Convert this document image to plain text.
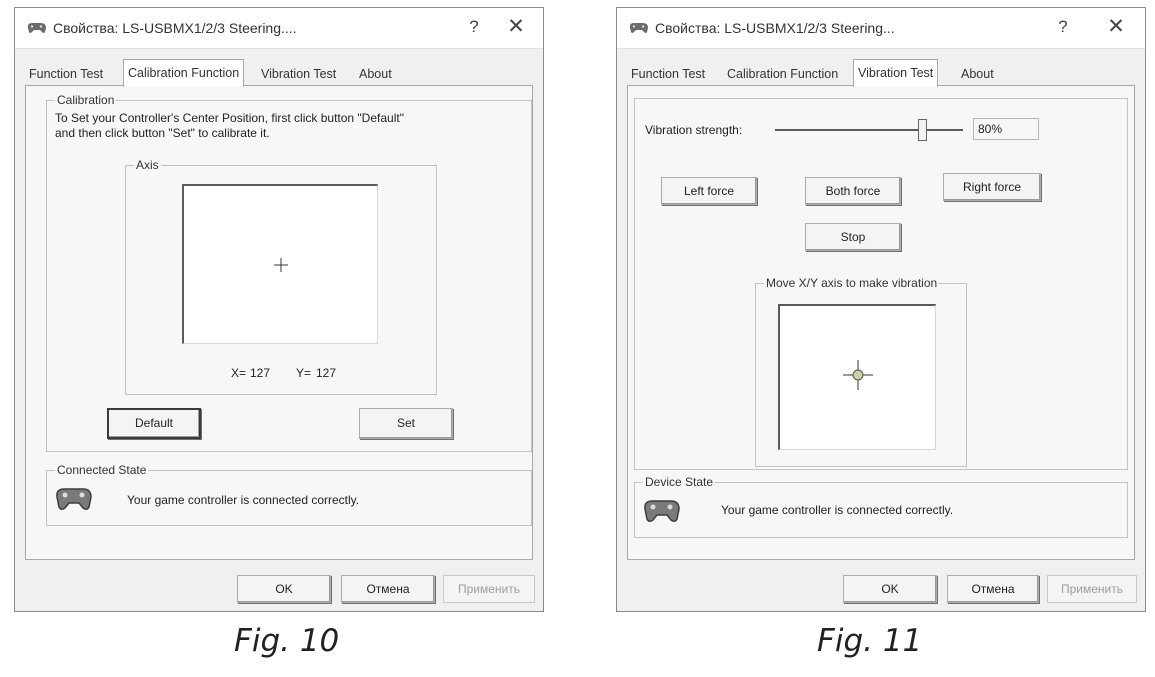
Свойства: LS-USBMX1/2/3 Steering....	?	✕
Function Test	Calibration Function	Vibration Test	About
Calibration
To Set your Controller's Center Position, first click button "Default"
and then click button "Set" to calibrate it.
Axis
X= 127 Y= 127
Default	Set
Connected State
Your game controller is connected correctly.
OK	Отмена	Применить
Fig. 10
Свойства: LS-USBMX1/2/3 Steering...	?	✕
Function Test	Calibration Function	Vibration Test	About
Vibration strength:	80%
Left force	Both force	Right force
Stop
Move X/Y axis to make vibration
Device State
Your game controller is connected correctly.
OK	Отмена	Применить
Fig. 11
